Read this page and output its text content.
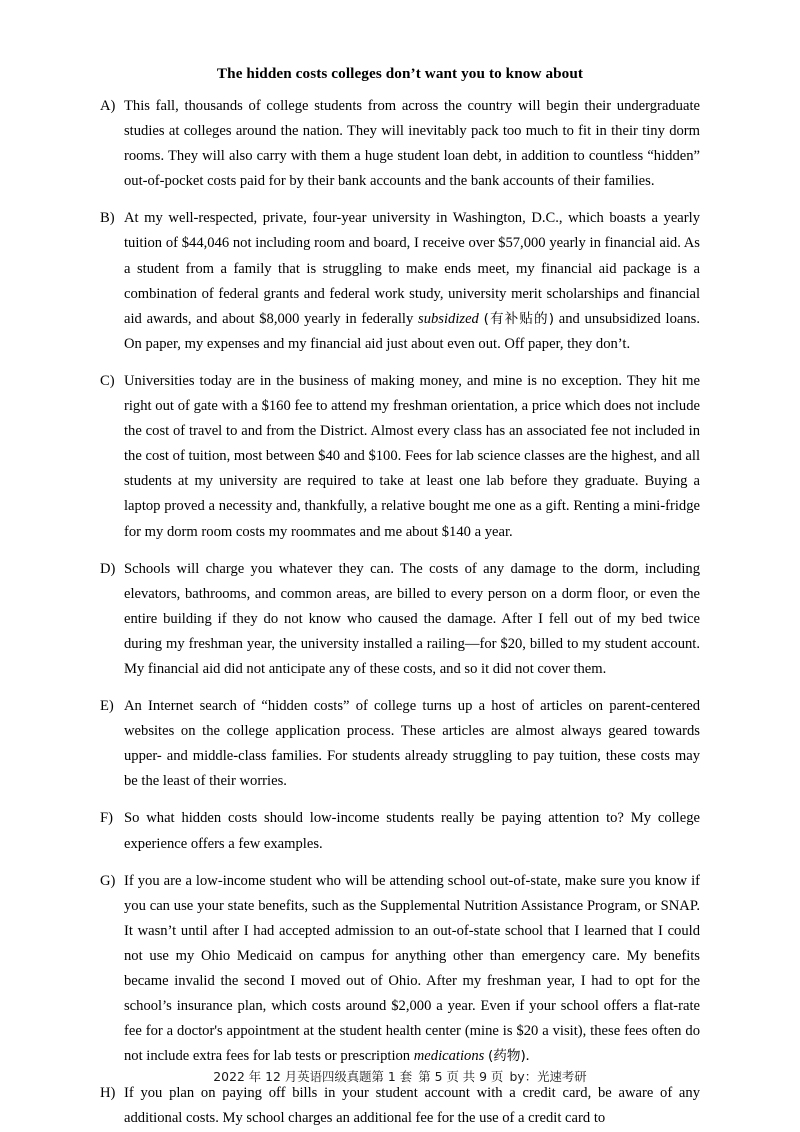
The hidden costs colleges don’t want you to know about
A) This fall, thousands of college students from across the country will begin their undergraduate studies at colleges around the nation. They will inevitably pack too much to fit in their tiny dorm rooms. They will also carry with them a huge student loan debt, in addition to countless “hidden” out-of-pocket costs paid for by their bank accounts and the bank accounts of their families.
B) At my well-respected, private, four-year university in Washington, D.C., which boasts a yearly tuition of $44,046 not including room and board, I receive over $57,000 yearly in financial aid. As a student from a family that is struggling to make ends meet, my financial aid package is a combination of federal grants and federal work study, university merit scholarships and financial aid awards, and about $8,000 yearly in federally subsidized (有补贴的) and unsubsidized loans. On paper, my expenses and my financial aid just about even out. Off paper, they don’t.
C) Universities today are in the business of making money, and mine is no exception. They hit me right out of gate with a $160 fee to attend my freshman orientation, a price which does not include the cost of travel to and from the District. Almost every class has an associated fee not included in the cost of tuition, most between $40 and $100. Fees for lab science classes are the highest, and all students at my university are required to take at least one lab before they graduate. Buying a laptop proved a necessity and, thankfully, a relative bought me one as a gift. Renting a mini-fridge for my dorm room costs my roommates and me about $140 a year.
D) Schools will charge you whatever they can. The costs of any damage to the dorm, including elevators, bathrooms, and common areas, are billed to every person on a dorm floor, or even the entire building if they do not know who caused the damage. After I fell out of my bed twice during my freshman year, the university installed a railing—for $20, billed to my student account. My financial aid did not anticipate any of these costs, and so it did not cover them.
E) An Internet search of “hidden costs” of college turns up a host of articles on parent-centered websites on the college application process. These articles are almost always geared towards upper- and middle-class families. For students already struggling to pay tuition, these costs may be the least of their worries.
F) So what hidden costs should low-income students really be paying attention to? My college experience offers a few examples.
G) If you are a low-income student who will be attending school out-of-state, make sure you know if you can use your state benefits, such as the Supplemental Nutrition Assistance Program, or SNAP. It wasn’t until after I had accepted admission to an out-of-state school that I learned that I could not use my Ohio Medicaid on campus for anything other than emergency care. My benefits became invalid the second I moved out of Ohio. After my freshman year, I had to opt for the school’s insurance plan, which costs around $2,000 a year. Even if your school offers a flat-rate fee for a doctor's appointment at the student health center (mine is $20 a visit), these fees often do not include extra fees for lab tests or prescription medications (药物).
H) If you plan on paying off bills in your student account with a credit card, be aware of any additional costs. My school charges an additional fee for the use of a credit card to
2022 年 12 月英语四级真题第 1 套 第 5 页 共 9 页 by：光速考研
